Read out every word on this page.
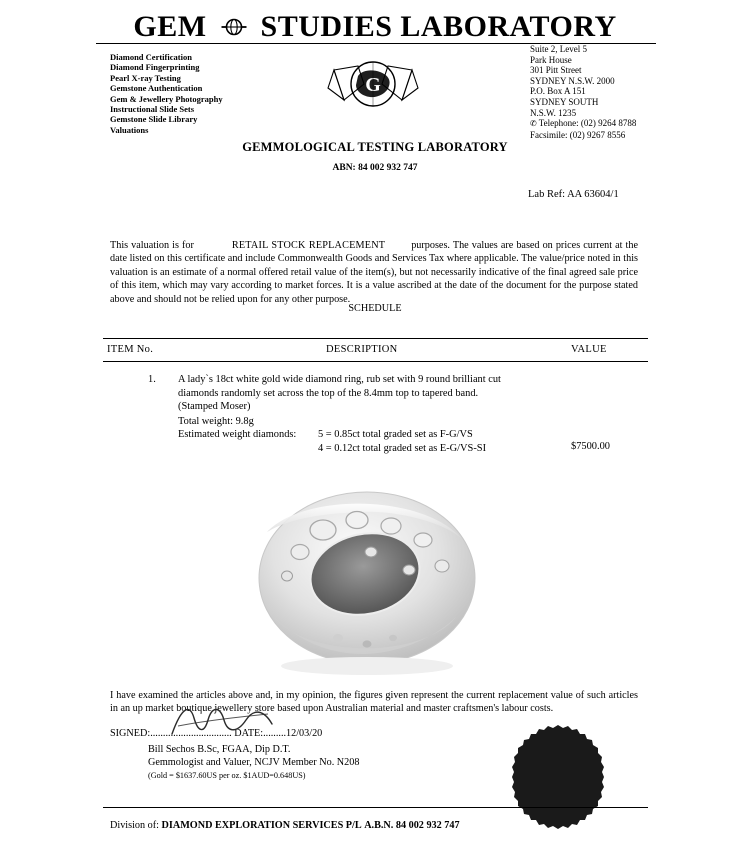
GEM STUDIES LABORATORY
Diamond Certification
Diamond Fingerprinting
Pearl X-ray Testing
Gemstone Authentication
Gem & Jewellery Photography
Instructional Slide Sets
Gemstone Slide Library
Valuations
G
Suite 2, Level 5
Park House
301 Pitt Street
SYDNEY N.S.W. 2000
P.O. Box A 151
SYDNEY SOUTH
N.S.W. 1235
✆ Telephone: (02) 9264 8788
Facsimile: (02) 9267 8556
GEMMOLOGICAL TESTING LABORATORY
ABN: 84 002 932 747
Lab Ref: AA 63604/1
This valuation is for	RETAIL STOCK REPLACEMENT	purposes. The values are based on prices current at the date listed on this certificate and include Commonwealth Goods and Services Tax where applicable. The value/price noted in this valuation is an estimate of a normal offered retail value of the item(s), but not necessarily indicative of the final agreed sale price of this item, which may vary according to market forces. It is a value ascribed at the date of the document for the purpose stated above and should not be relied upon for any other purpose.
SCHEDULE
ITEM No.	DESCRIPTION	VALUE
1. A lady`s 18ct white gold wide diamond ring, rub set with 9 round brilliant cut
diamonds randomly set across the top of the 8.4mm top to tapered band.
(Stamped Moser)
Total weight: 9.8g
Estimated weight diamonds: 5 = 0.85ct total graded set as F-G/VS
4 = 0.12ct total graded set as E-G/VS-SI	$7500.00
I have examined the articles above and, in my opinion, the figures given represent the current replacement value of such articles in an up market boutique jewellery store based upon Australian material and master craftsmen's labour costs.
SIGNED:................................ DATE:.........12/03/20
Bill Sechos B.Sc, FGAA, Dip D.T.
Gemmologist and Valuer, NCJV Member No. N208
(Gold = $1637.60US per oz. $1AUD=0.648US)
Division of: DIAMOND EXPLORATION SERVICES P/L A.B.N. 84 002 932 747
